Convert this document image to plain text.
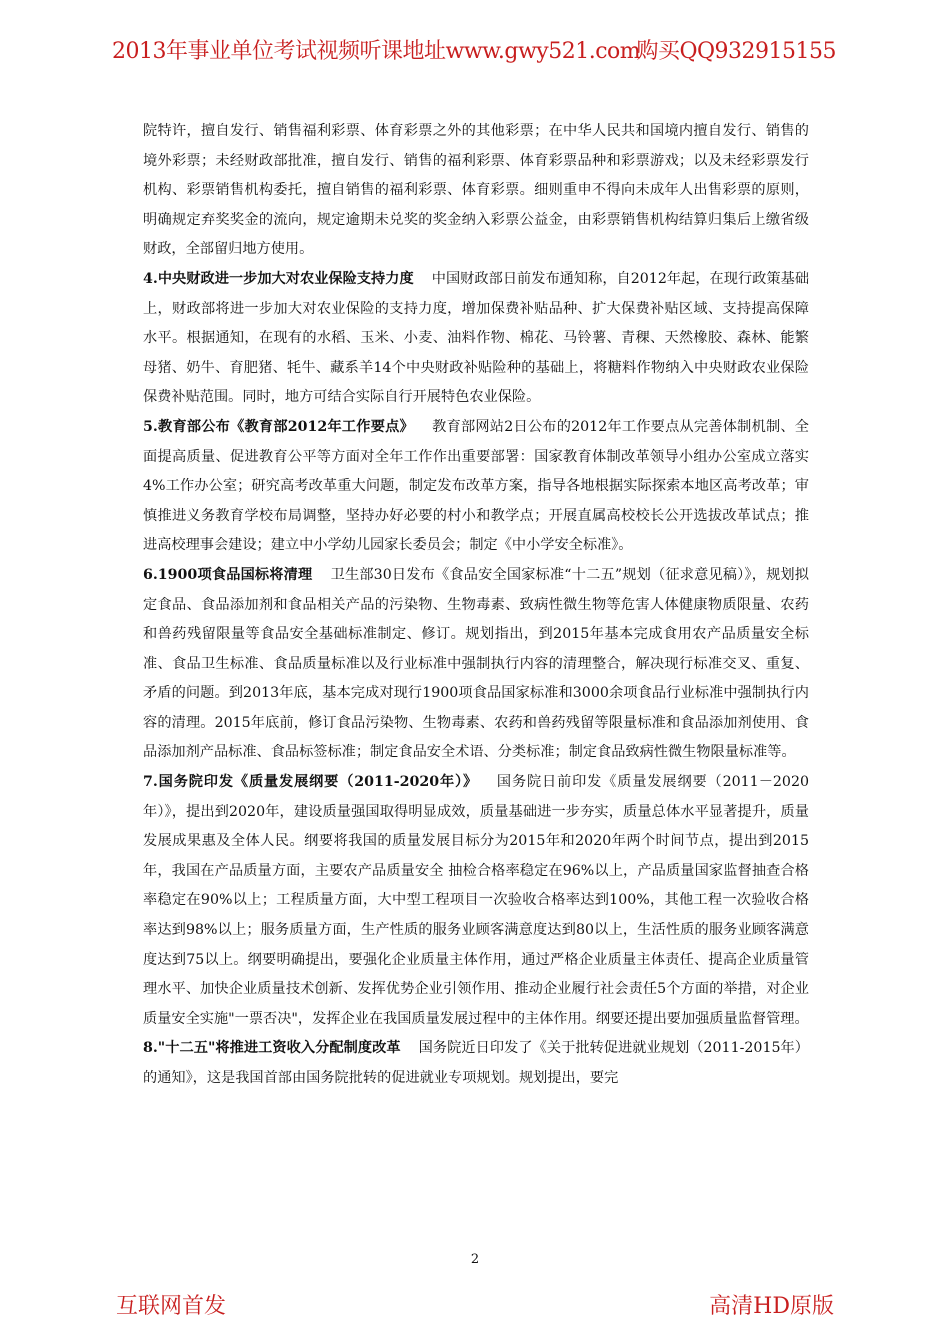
2013年事业单位考试视频听课地址www.gwy521.com
购买QQ932915155

院特许，擅自发行、销售福利彩票、体育彩票之外的其他彩票；在中华人民共和国境内擅自发行、销售的境外彩票；未经财政部批准，擅自发行、销售的福利彩票、体育彩票品种和彩票游戏；以及未经彩票发行机构、彩票销售机构委托，擅自销售的福利彩票、体育彩票。细则重申不得向未成年人出售彩票的原则，明确规定弃奖奖金的流向，规定逾期未兑奖的奖金纳入彩票公益金，由彩票销售机构结算归集后上缴省级财政，全部留归地方使用。

4.中央财政进一步加大对农业保险支持力度 中国财政部日前发布通知称，自2012年起，在现行政策基础上，财政部将进一步加大对农业保险的支持力度，增加保费补贴品种、扩大保费补贴区域、支持提高保障水平。根据通知，在现有的水稻、玉米、小麦、油料作物、棉花、马铃薯、青稞、天然橡胶、森林、能繁母猪、奶牛、育肥猪、牦牛、藏系羊14个中央财政补贴险种的基础上，将糖料作物纳入中央财政农业保险保费补贴范围。同时，地方可结合实际自行开展特色农业保险。

5.教育部公布《教育部2012年工作要点》 教育部网站2日公布的2012年工作要点从完善体制机制、全面提高质量、促进教育公平等方面对全年工作作出重要部署：国家教育体制改革领导小组办公室成立落实4%工作办公室；研究高考改革重大问题，制定发布改革方案，指导各地根据实际探索本地区高考改革；审慎推进义务教育学校布局调整，坚持办好必要的村小和教学点；开展直属高校校长公开选拔改革试点；推进高校理事会建设；建立中小学幼儿园家长委员会；制定《中小学安全标准》。

6.1900项食品国标将清理 卫生部30日发布《食品安全国家标准“十二五”规划（征求意见稿）》，规划拟定食品、食品添加剂和食品相关产品的污染物、生物毒素、致病性微生物等危害人体健康物质限量、农药和兽药残留限量等食品安全基础标准制定、修订。规划指出，到2015年基本完成食用农产品质量安全标准、食品卫生标准、食品质量标准以及行业标准中强制执行内容的清理整合，解决现行标准交叉、重复、矛盾的问题。到2013年底，基本完成对现行1900项食品国家标准和3000余项食品行业标准中强制执行内容的清理。2015年底前，修订食品污染物、生物毒素、农药和兽药残留等限量标准和食品添加剂使用、食品添加剂产品标准、食品标签标准；制定食品安全术语、分类标准；制定食品致病性微生物限量标准等。

7.国务院印发《质量发展纲要（2011-2020年）》 国务院日前印发《质量发展纲要（2011－2020年）》，提出到2020年，建设质量强国取得明显成效，质量基础进一步夯实，质量总体水平显著提升，质量发展成果惠及全体人民。纲要将我国的质量发展目标分为2015年和2020年两个时间节点，提出到2015年，我国在产品质量方面，主要农产品质量安全 抽检合格率稳定在96%以上，产品质量国家监督抽查合格率稳定在90%以上；工程质量方面，大中型工程项目一次验收合格率达到100%，其他工程一次验收合格率达到98%以上；服务质量方面，生产性质的服务业顾客满意度达到80以上，生活性质的服务业顾客满意度达到75以上。纲要明确提出，要强化企业质量主体作用，通过严格企业质量主体责任、提高企业质量管理水平、加快企业质量技术创新、发挥优势企业引领作用、推动企业履行社会责任5个方面的举措，对企业质量安全实施"一票否决"，发挥企业在我国质量发展过程中的主体作用。纲要还提出要加强质量监督管理。

8."十二五"将推进工资收入分配制度改革 国务院近日印发了《关于批转促进就业规划（2011-2015年）的通知》，这是我国首部由国务院批转的促进就业专项规划。规划提出，要完

2
互联网首发	高清HD原版
